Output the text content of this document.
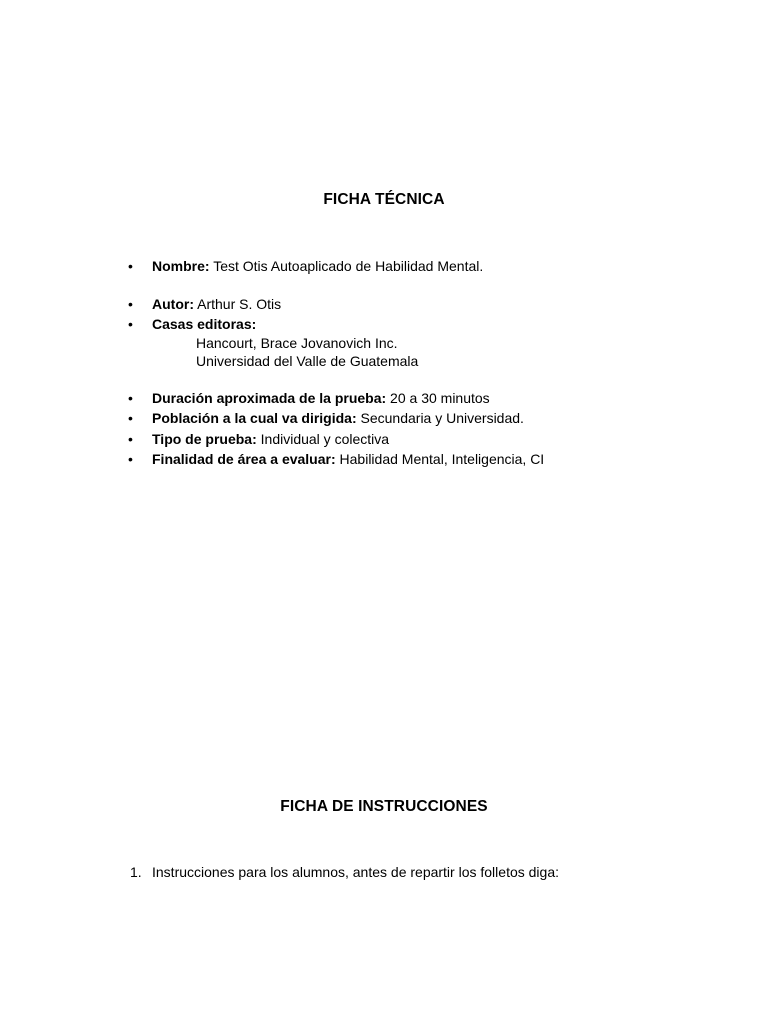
FICHA TÉCNICA
•
Nombre: Test Otis Autoaplicado de Habilidad Mental.
•
Autor: Arthur S. Otis
•
Casas editoras:
Hancourt, Brace Jovanovich Inc.
Universidad del Valle de Guatemala
•
Duración aproximada de la prueba: 20 a 30 minutos
•
Población a la cual va dirigida: Secundaria y Universidad.
•
Tipo de prueba: Individual y colectiva
•
Finalidad de área a evaluar: Habilidad Mental, Inteligencia, CI
FICHA DE INSTRUCCIONES
1. Instrucciones para los alumnos, antes de repartir los folletos diga:
